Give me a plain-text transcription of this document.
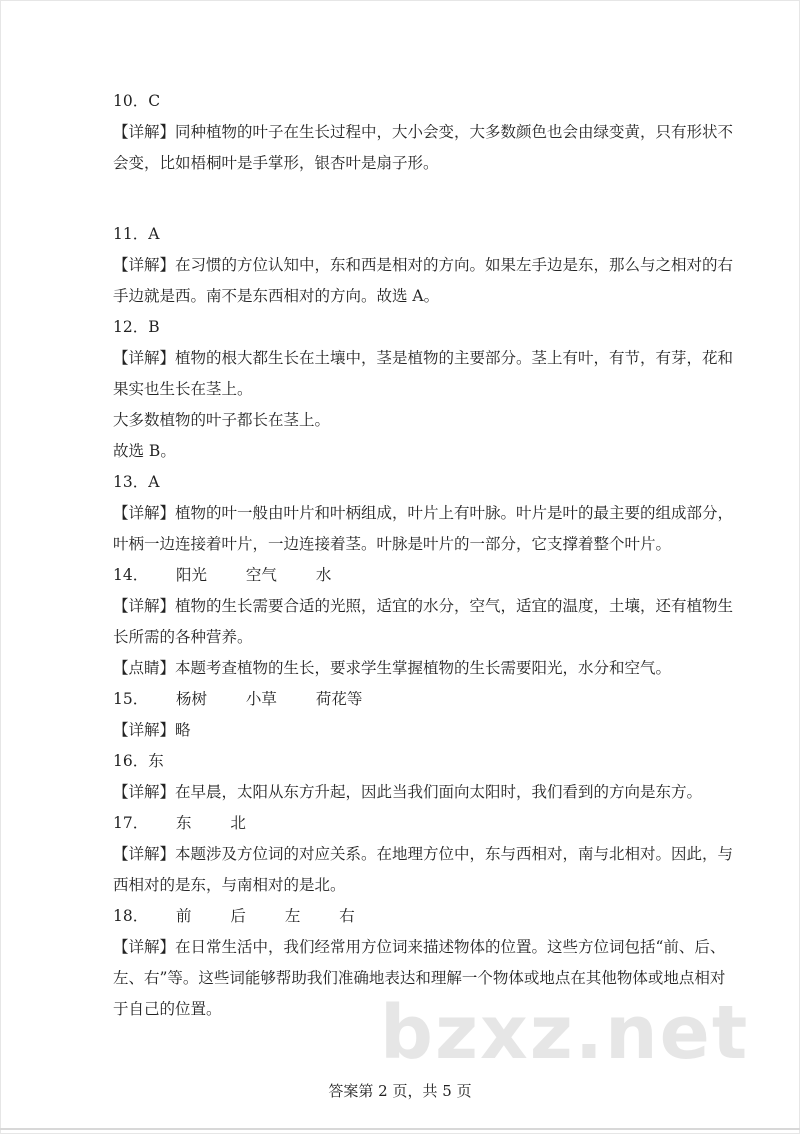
10．C

【详解】同种植物的叶子在生长过程中，大小会变，大多数颜色也会由绿变黄，只有形状不

会变，比如梧桐叶是手掌形，银杏叶是扇子形。

11．A

【详解】在习惯的方位认知中，东和西是相对的方向。如果左手边是东，那么与之相对的右

手边就是西。南不是东西相对的方向。故选 A。

12．B

【详解】植物的根大都生长在土壤中，茎是植物的主要部分。茎上有叶，有节，有芽，花和

果实也生长在茎上。

大多数植物的叶子都长在茎上。

故选 B。

13．A

【详解】植物的叶一般由叶片和叶柄组成，叶片上有叶脉。叶片是叶的最主要的组成部分，

叶柄一边连接着叶片，一边连接着茎。叶脉是叶片的一部分，它支撑着整个叶片。

14． 阳光	空气	水

【详解】植物的生长需要合适的光照，适宜的水分，空气，适宜的温度，土壤，还有植物生

长所需的各种营养。

【点睛】本题考查植物的生长，要求学生掌握植物的生长需要阳光，水分和空气。

15． 杨树	小草	荷花等

【详解】略

16．东

【详解】在早晨，太阳从东方升起，因此当我们面向太阳时，我们看到的方向是东方。

17． 东	北

【详解】本题涉及方位词的对应关系。在地理方位中，东与西相对，南与北相对。因此，与

西相对的是东，与南相对的是北。

18． 前	后	左	右

【详解】在日常生活中，我们经常用方位词来描述物体的位置。这些方位词包括“前、后、

左、右”等。这些词能够帮助我们准确地表达和理解一个物体或地点在其他物体或地点相对

于自己的位置。	bzxz.net
答案第 2 页，共 5 页
